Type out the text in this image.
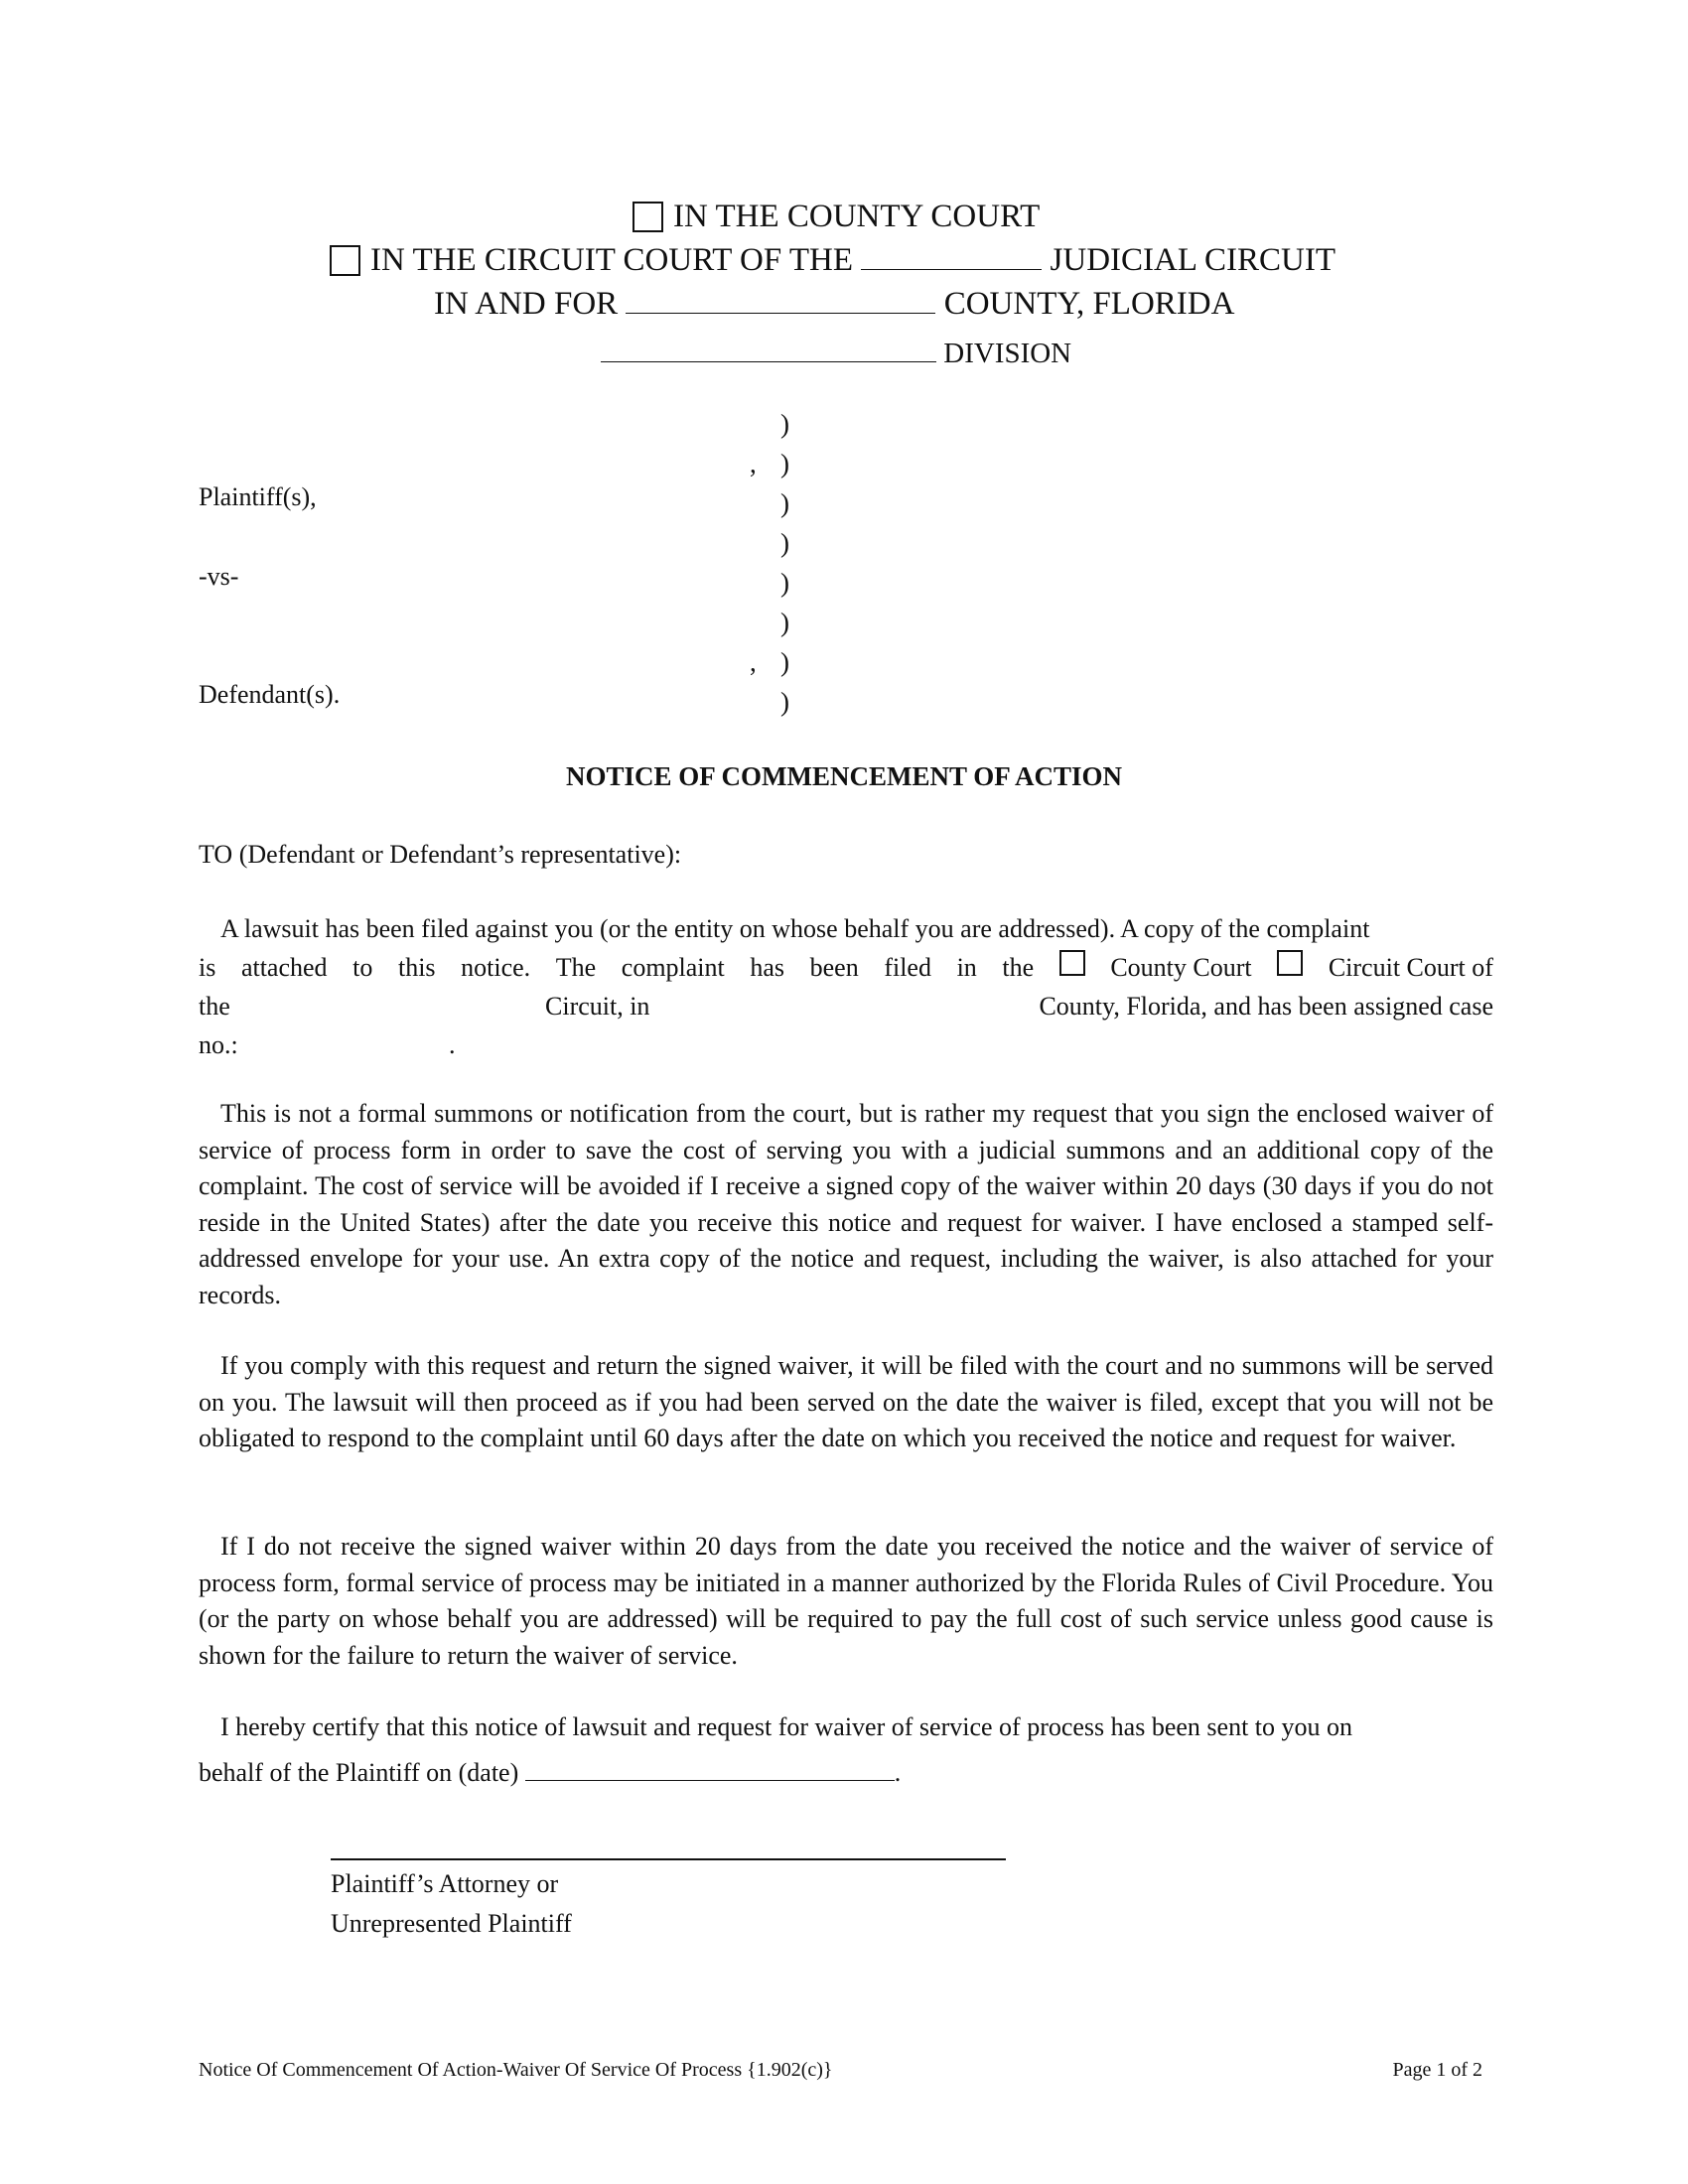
IN THE COUNTY COURT
IN THE CIRCUIT COURT OF THE	JUDICIAL CIRCUIT
IN AND FOR	COUNTY, FLORIDA
DIVISION
Plaintiff(s),
-vs-
Defendant(s).
)
)
)
)
)
)
)
)
,
,
NOTICE OF COMMENCEMENT OF ACTION
TO (Defendant or Defendant’s representative):
A lawsuit has been filed against you (or the entity on whose behalf you are addressed). A copy of the complaint
is attached to this notice. The complaint has been filed in the	County Court	Circuit Court of
the	Circuit, in	County, Florida, and has been assigned case
no.:	.
This is not a formal summons or notification from the court, but is rather my request that you sign the enclosed waiver of service of process form in order to save the cost of serving you with a judicial summons and an additional copy of the complaint. The cost of service will be avoided if I receive a signed copy of the waiver within 20 days (30 days if you do not reside in the United States) after the date you receive this notice and request for waiver. I have enclosed a stamped self-addressed envelope for your use. An extra copy of the notice and request, including the waiver, is also attached for your records.
If you comply with this request and return the signed waiver, it will be filed with the court and no summons will be served on you. The lawsuit will then proceed as if you had been served on the date the waiver is filed, except that you will not be obligated to respond to the complaint until 60 days after the date on which you received the notice and request for waiver.
If I do not receive the signed waiver within 20 days from the date you received the notice and the waiver of service of process form, formal service of process may be initiated in a manner authorized by the Florida Rules of Civil Procedure. You (or the party on whose behalf you are addressed) will be required to pay the full cost of such service unless good cause is shown for the failure to return the waiver of service.
I hereby certify that this notice of lawsuit and request for waiver of service of process has been sent to you on
behalf of the Plaintiff on (date)	.
Plaintiff’s Attorney or
Unrepresented Plaintiff
Notice Of Commencement Of Action-Waiver Of Service Of Process {1.902(c)}	Page 1 of 2
